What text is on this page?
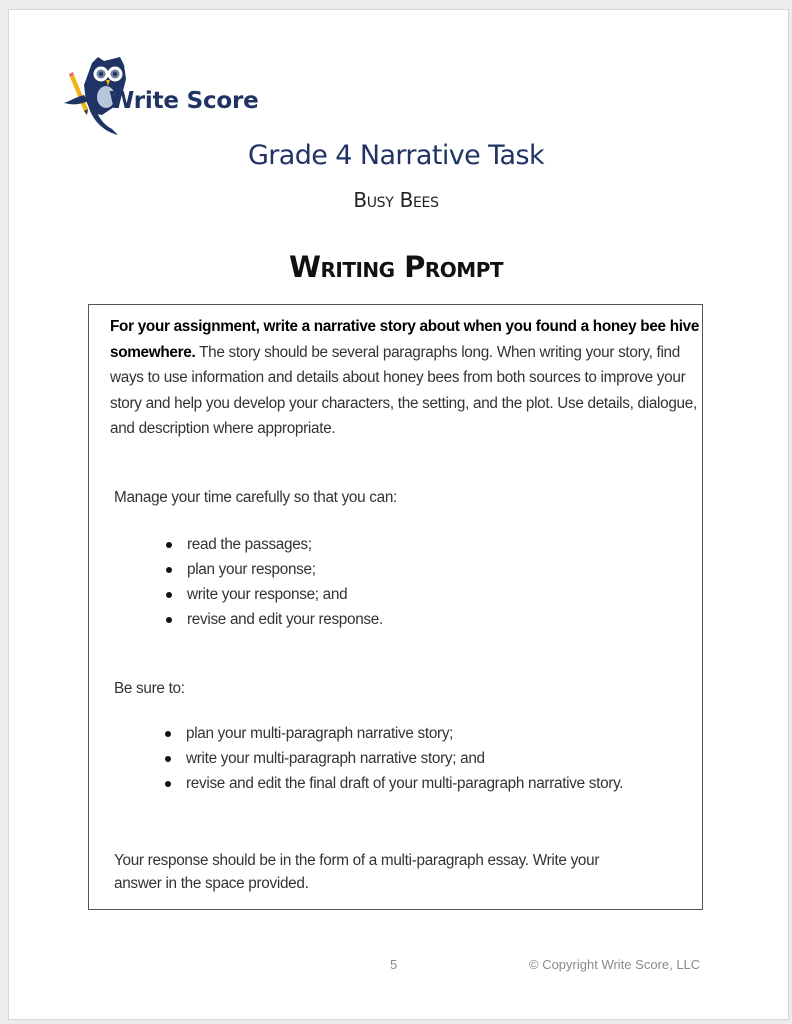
Write Score
Grade 4 Narrative Task
Busy Bees
Writing Prompt

For your assignment, write a narrative story about when you found a honey bee hive somewhere. The story should be several paragraphs long. When writing your story, find ways to use information and details about honey bees from both sources to improve your story and help you develop your characters, the setting, and the plot. Use details, dialogue, and description where appropriate.

Manage your time carefully so that you can:

read the passages;
plan your response;
write your response; and
revise and edit your response.

Be sure to:

plan your multi-paragraph narrative story;
write your multi-paragraph narrative story; and
revise and edit the final draft of your multi-paragraph narrative story.

Your response should be in the form of a multi-paragraph essay. Write your

answer in the space provided.

5	© Copyright Write Score, LLC
